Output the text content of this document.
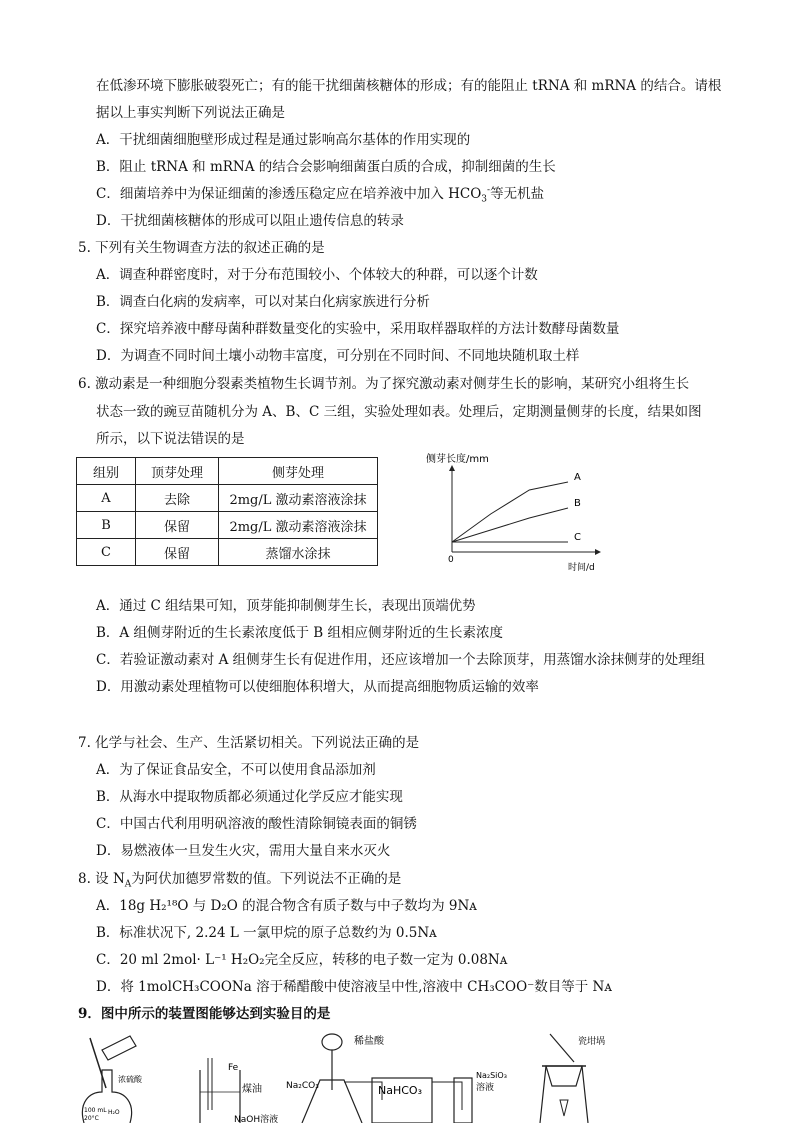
在低渗环境下膨胀破裂死亡；有的能干扰细菌核糖体的形成；有的能阻止 tRNA 和 mRNA 的结合。请根
据以上事实判断下列说法正确是
A．干扰细菌细胞壁形成过程是通过影响高尔基体的作用实现的
B．阻止 tRNA 和 mRNA 的结合会影响细菌蛋白质的合成，抑制细菌的生长
C．细菌培养中为保证细菌的渗透压稳定应在培养液中加入 $HCO_3^-$等无机盐
D．干扰细菌核糖体的形成可以阻止遗传信息的转录
5. 下列有关生物调查方法的叙述正确的是
A．调查种群密度时，对于分布范围较小、个体较大的种群，可以逐个计数
B．调查白化病的发病率，可以对某白化病家族进行分析
C．探究培养液中酵母菌种群数量变化的实验中，采用取样器取样的方法计数酵母菌数量
D．为调查不同时间土壤小动物丰富度，可分别在不同时间、不同地块随机取土样
6. 激动素是一种细胞分裂素类植物生长调节剂。为了探究激动素对侧芽生长的影响，某研究小组将生长
状态一致的豌豆苗随机分为 A、B、C 三组，实验处理如表。处理后，定期测量侧芽的长度，结果如图
所示，以下说法错误的是
组别	顶芽处理	侧芽处理
A	去除	2mg/L 激动素溶液涂抹
B	保留	2mg/L 激动素溶液涂抹
C	保留	蒸馏水涂抹
侧芽长度/mm
0
时间/d
A
B
C
A．通过 C 组结果可知，顶芽能抑制侧芽生长，表现出顶端优势
B．A 组侧芽附近的生长素浓度低于 B 组相应侧芽附近的生长素浓度
C．若验证激动素对 A 组侧芽生长有促进作用，还应该增加一个去除顶芽，用蒸馏水涂抹侧芽的处理组
D．用激动素处理植物可以使细胞体积增大，从而提高细胞物质运输的效率
7. 化学与社会、生产、生活紧切相关。下列说法正确的是
A．为了保证食品安全，不可以使用食品添加剂
B．从海水中提取物质都必须通过化学反应才能实现
C．中国古代利用明矾溶液的酸性清除铜镜表面的铜锈
D．易燃液体一旦发生火灾，需用大量自来水灭火
8. 设 $N_A$为阿伏加德罗常数的值。下列说法不正确的是
A．18g H₂¹⁸O 与 D₂O 的混合物含有质子数与中子数均为 9Nᴀ
B．标准状况下, 2.24 L 一氯甲烷的原子总数约为 0.5Nᴀ
C．20 ml 2mol· L⁻¹ H₂O₂完全反应，转移的电子数一定为 0.08Nᴀ
D．将 1molCH₃COONa 溶于稀醋酸中使溶液呈中性,溶液中 CH₃COO⁻数目等于 Nᴀ
9．图中所示的装置图能够达到实验目的是
浓硫酸
100 mL
20°C
H₂O
Fe
煤油
NaOH溶液
稀盐酸
Na₂CO₃	NaHCO₃
Na₂SiO₃
溶液
瓷坩埚
